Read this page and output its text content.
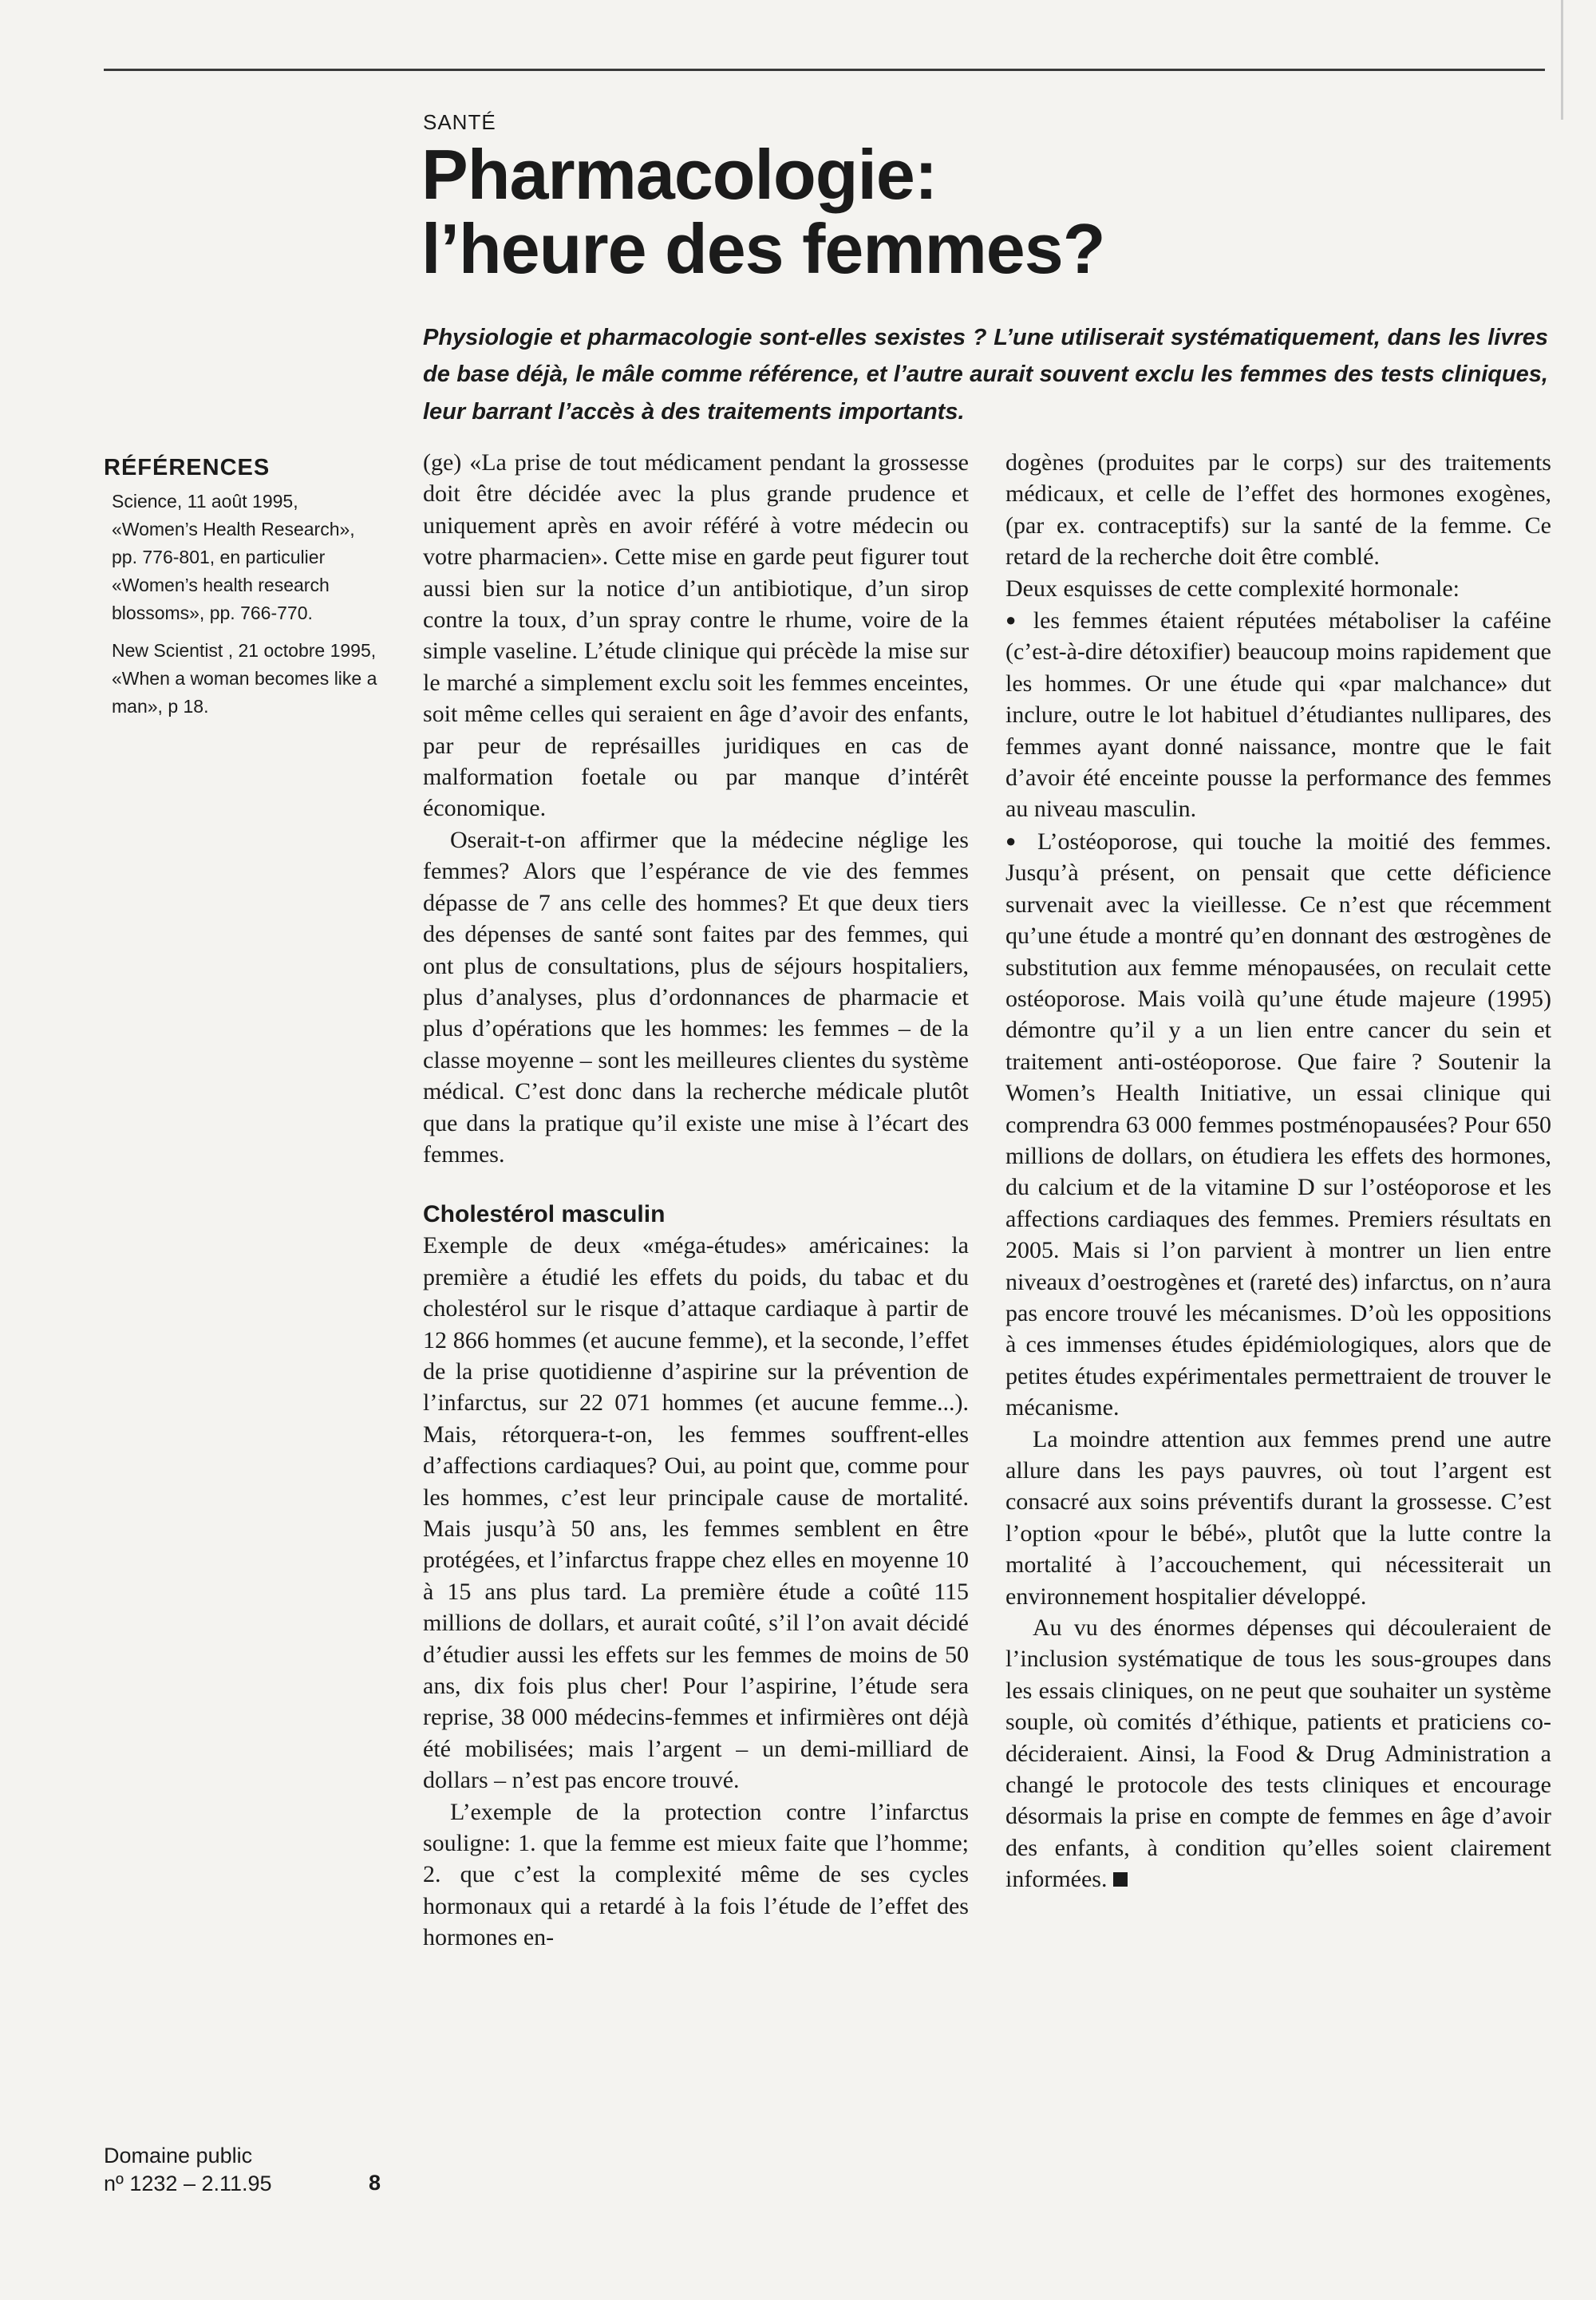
SANTÉ
Pharmacologie:
l’heure des femmes?

Physiologie et pharmacologie sont-elles sexistes ? L’une utiliserait systématiquement, dans les livres de base déjà, le mâle comme référence, et l’autre aurait souvent exclu les femmes des tests cliniques, leur barrant l’accès à des traitements importants.

RÉFÉRENCES

Science, 11 août 1995, «Women’s Health Research», pp. 776-801, en particulier «Women’s health research blossoms», pp. 766-770.

New Scientist , 21 octobre 1995, «When a woman becomes like a man», p 18.

(ge) «La prise de tout médicament pendant la grossesse doit être décidée avec la plus grande prudence et uniquement après en avoir référé à votre médecin ou votre pharmacien». Cette mise en garde peut figurer tout aussi bien sur la notice d’un antibiotique, d’un sirop contre la toux, d’un spray contre le rhume, voire de la simple vaseline. L’étude clinique qui précède la mise sur le marché a simplement exclu soit les femmes enceintes, soit même celles qui seraient en âge d’avoir des enfants, par peur de représailles juridiques en cas de malformation foetale ou par manque d’intérêt économique.

Oserait-t-on affirmer que la médecine néglige les femmes? Alors que l’espérance de vie des femmes dépasse de 7 ans celle des hommes? Et que deux tiers des dépenses de santé sont faites par des femmes, qui ont plus de consultations, plus de séjours hospitaliers, plus d’analyses, plus d’ordonnances de pharmacie et plus d’opérations que les hommes: les femmes – de la classe moyenne – sont les meilleures clientes du système médical. C’est donc dans la recherche médicale plutôt que dans la pratique qu’il existe une mise à l’écart des femmes.

Cholestérol masculin

Exemple de deux «méga-études» américaines: la première a étudié les effets du poids, du tabac et du cholestérol sur le risque d’attaque cardiaque à partir de 12 866 hommes (et aucune femme), et la seconde, l’effet de la prise quotidienne d’aspirine sur la prévention de l’infarctus, sur 22 071 hommes (et aucune femme...). Mais, rétorquera-t-on, les femmes souffrent-elles d’affections cardiaques? Oui, au point que, comme pour les hommes, c’est leur principale cause de mortalité. Mais jusqu’à 50 ans, les femmes semblent en être protégées, et l’infarctus frappe chez elles en moyenne 10 à 15 ans plus tard. La première étude a coûté 115 millions de dollars, et aurait coûté, s’il l’on avait décidé d’étudier aussi les effets sur les femmes de moins de 50 ans, dix fois plus cher! Pour l’aspirine, l’étude sera reprise, 38 000 médecins-femmes et infirmières ont déjà été mobilisées; mais l’argent – un demi-milliard de dollars – n’est pas encore trouvé.

L’exemple de la protection contre l’infarctus souligne: 1. que la femme est mieux faite que l’homme; 2. que c’est la complexité même de ses cycles hormonaux qui a retardé à la fois l’étude de l’effet des hormones en-

dogènes (produites par le corps) sur des traitements médicaux, et celle de l’effet des hormones exogènes, (par ex. contraceptifs) sur la santé de la femme. Ce retard de la recherche doit être comblé.

Deux esquisses de cette complexité hormonale:

● les femmes étaient réputées métaboliser la caféine (c’est-à-dire détoxifier) beaucoup moins rapidement que les hommes. Or une étude qui «par malchance» dut inclure, outre le lot habituel d’étudiantes nullipares, des femmes ayant donné naissance, montre que le fait d’avoir été enceinte pousse la performance des femmes au niveau masculin.

● L’ostéoporose, qui touche la moitié des femmes. Jusqu’à présent, on pensait que cette déficience survenait avec la vieillesse. Ce n’est que récemment qu’une étude a montré qu’en donnant des œstrogènes de substitution aux femme ménopausées, on reculait cette ostéoporose. Mais voilà qu’une étude majeure (1995) démontre qu’il y a un lien entre cancer du sein et traitement anti-ostéoporose. Que faire ? Soutenir la Women’s Health Initiative, un essai clinique qui comprendra 63 000 femmes postménopausées? Pour 650 millions de dollars, on étudiera les effets des hormones, du calcium et de la vitamine D sur l’ostéoporose et les affections cardiaques des femmes. Premiers résultats en 2005. Mais si l’on parvient à montrer un lien entre niveaux d’oestrogènes et (rareté des) infarctus, on n’aura pas encore trouvé les mécanismes. D’où les oppositions à ces immenses études épidémiologiques, alors que de petites études expérimentales permettraient de trouver le mécanisme.

La moindre attention aux femmes prend une autre allure dans les pays pauvres, où tout l’argent est consacré aux soins préventifs durant la grossesse. C’est l’option «pour le bébé», plutôt que la lutte contre la mortalité à l’accouchement, qui nécessiterait un environnement hospitalier développé.

Au vu des énormes dépenses qui découleraient de l’inclusion systématique de tous les sous-groupes dans les essais cliniques, on ne peut que souhaiter un système souple, où comités d’éthique, patients et praticiens co-décideraient. Ainsi, la Food & Drug Administration a changé le protocole des tests cliniques et encourage désormais la prise en compte de femmes en âge d’avoir des enfants, à condition qu’elles soient clairement informées.

Domaine public
nº 1232 – 2.11.95	8
